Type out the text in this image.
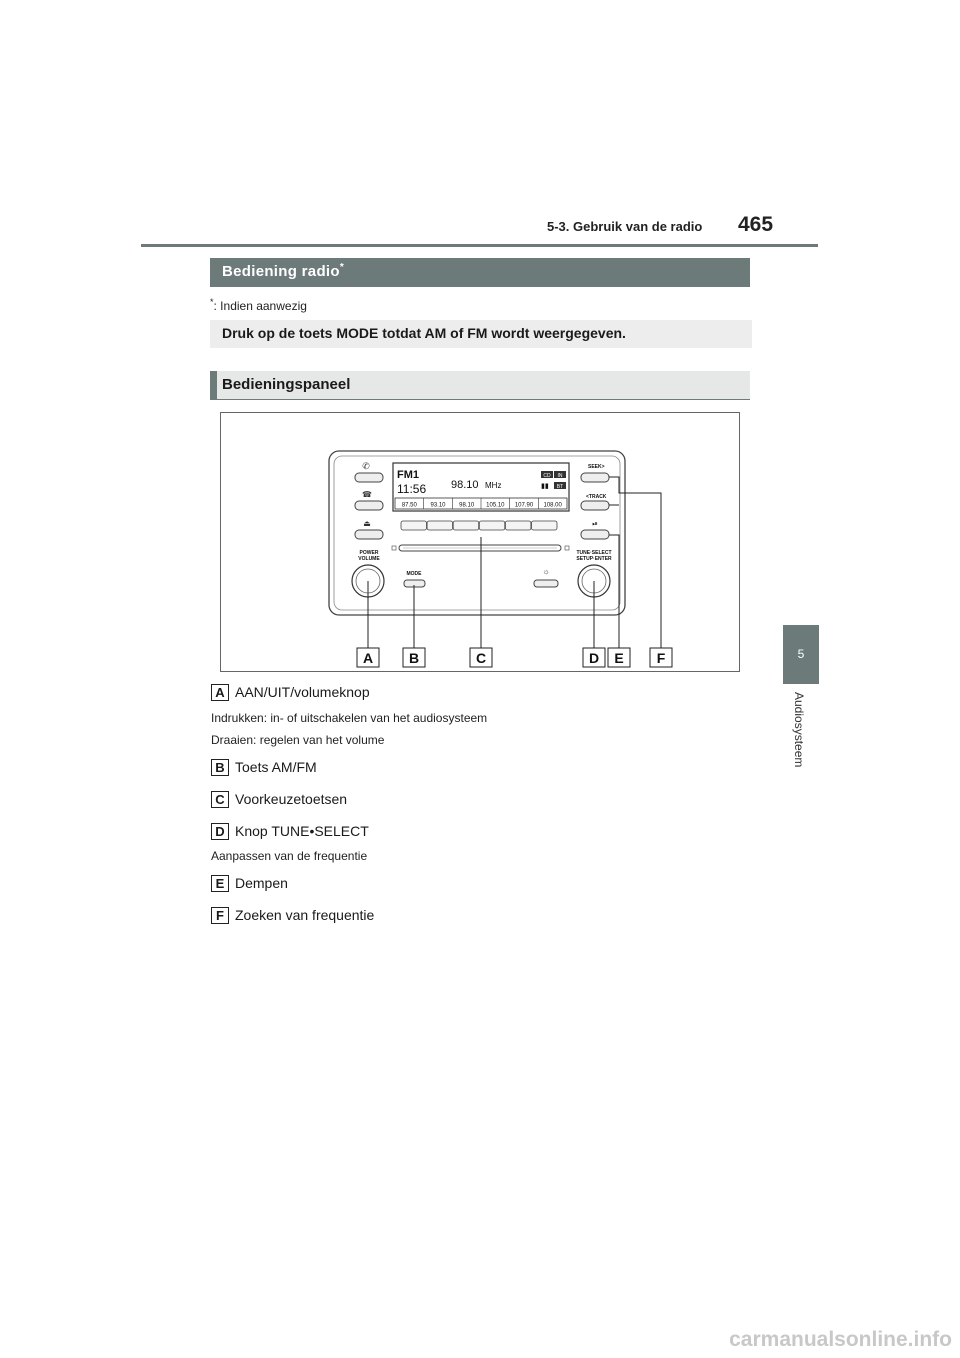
5-3. Gebruik van de radio 465
5
Audiosysteem
Bediening radio*
*: Indien aanwezig
Druk op de toets MODE totdat AM of FM wordt weergegeven.
Bedieningspaneel
✆
☎
⏏
FM1
11:56 98.10 MHz
CD IN
▮▮ BT
87.50 93.10 98.10 105.10 107.90 108.00
SEEK>
<TRACK
⏯
POWER
VOLUME
MODE	☼
TUNE·SELECT
SETUP·ENTER
A	B	C	D E F
A AAN/UIT/volumeknop
Indrukken: in- of uitschakelen van het audiosysteem
Draaien: regelen van het volume
B Toets AM/FM
C Voorkeuzetoetsen
D Knop TUNE•SELECT
Aanpassen van de frequentie
E Dempen
F Zoeken van frequentie
carmanualsonline.info
